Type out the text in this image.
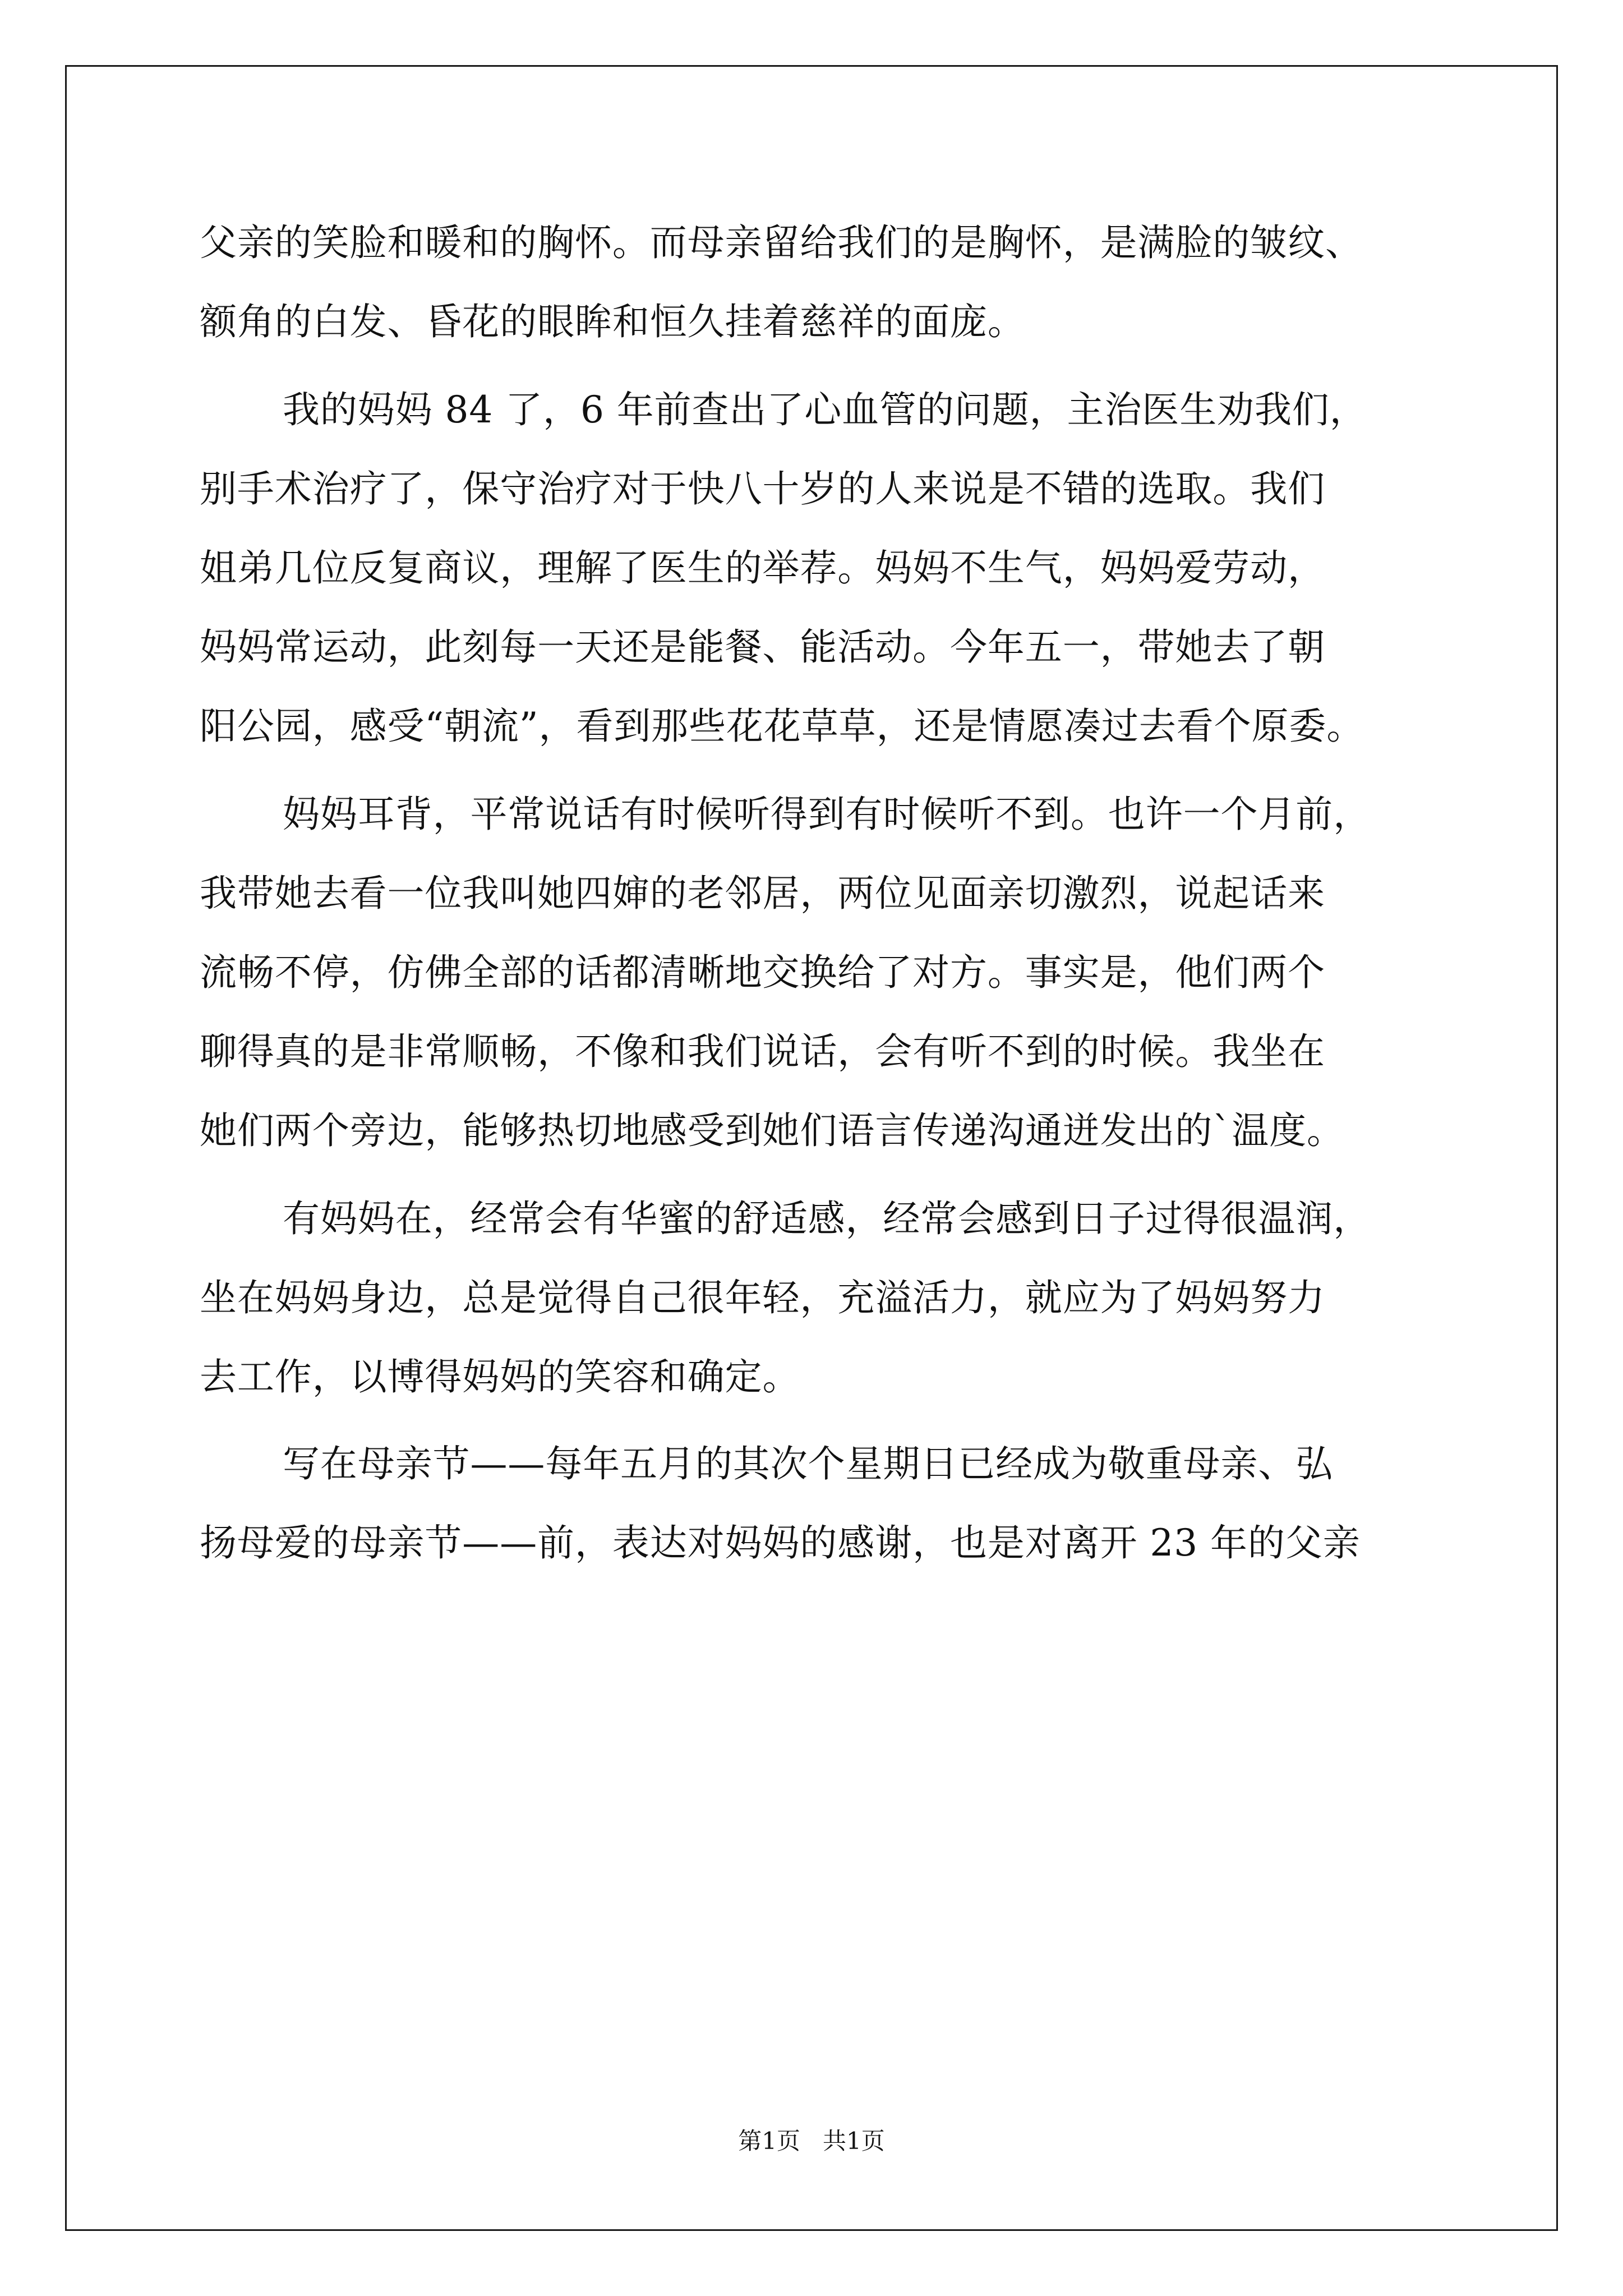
父亲的笑脸和暖和的胸怀。而母亲留给我们的是胸怀，是满脸的皱纹、
额角的白发、昏花的眼眸和恒久挂着慈祥的面庞。
我的妈妈 84 了，6 年前查出了心血管的问题，主治医生劝我们，
别手术治疗了，保守治疗对于快八十岁的人来说是不错的选取。我们
姐弟几位反复商议，理解了医生的举荐。妈妈不生气，妈妈爱劳动，
妈妈常运动，此刻每一天还是能餐、能活动。今年五一，带她去了朝
阳公园，感受“朝流”，看到那些花花草草，还是情愿凑过去看个原委。
妈妈耳背，平常说话有时候听得到有时候听不到。也许一个月前，
我带她去看一位我叫她四婶的老邻居，两位见面亲切激烈，说起话来
流畅不停，仿佛全部的话都清晰地交换给了对方。事实是，他们两个
聊得真的是非常顺畅，不像和我们说话，会有听不到的时候。我坐在
她们两个旁边，能够热切地感受到她们语言传递沟通迸发出的`温度。
有妈妈在，经常会有华蜜的舒适感，经常会感到日子过得很温润，
坐在妈妈身边，总是觉得自己很年轻，充溢活力，就应为了妈妈努力
去工作，以博得妈妈的笑容和确定。
写在母亲节——每年五月的其次个星期日已经成为敬重母亲、弘
扬母爱的母亲节——前，表达对妈妈的感谢，也是对离开 23 年的父亲
第1页   共1页
